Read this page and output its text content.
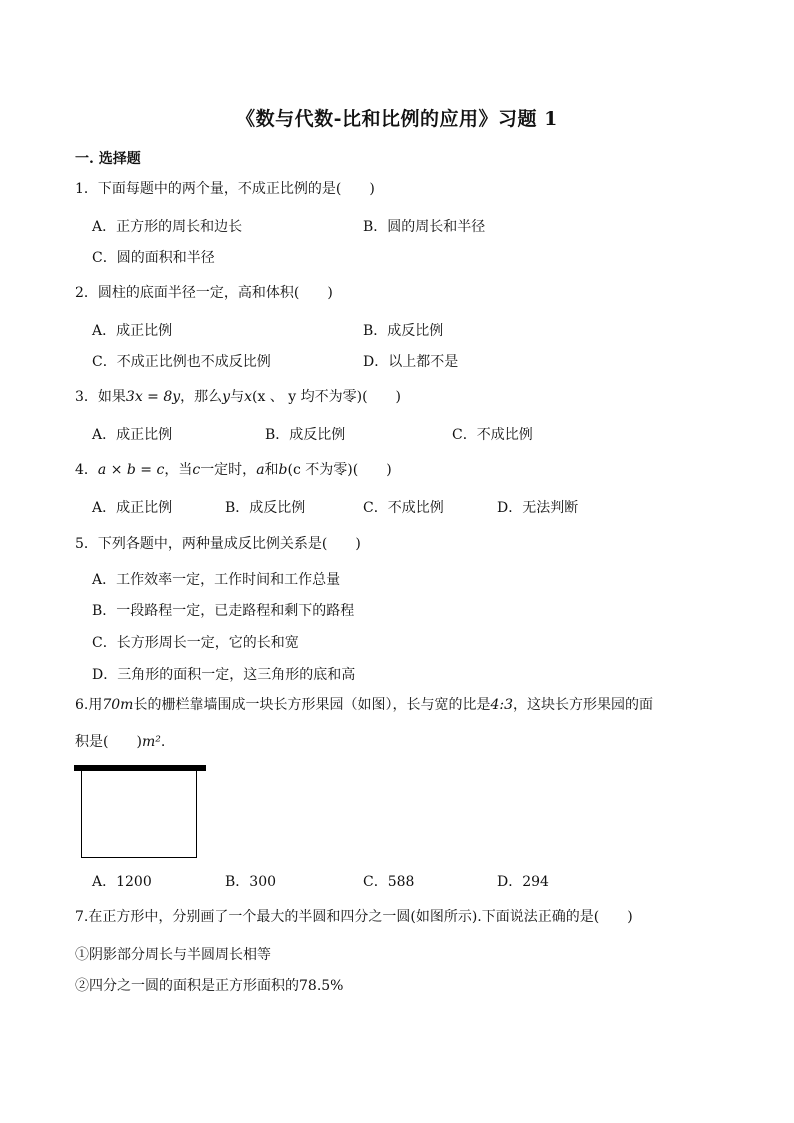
《数与代数-比和比例的应用》习题 1
一. 选择题
1．下面每题中的两个量，不成正比例的是(　　)
A．正方形的周长和边长	B．圆的周长和半径
C．圆的面积和半径
2．圆柱的底面半径一定，高和体积(　　)
A．成正比例	B．成反比例
C．不成正比例也不成反比例	D．以上都不是
3．如果3x = 8y，那么y与x(x 、 y 均不为零)(　　)
A．成正比例	B．成反比例	C．不成比例
4．a × b = c，当c一定时，a和b(c 不为零)(　　)
A．成正比例	B．成反比例	C．不成比例	D．无法判断
5．下列各题中，两种量成反比例关系是(　　)
A．工作效率一定，工作时间和工作总量
B．一段路程一定，已走路程和剩下的路程
C．长方形周长一定，它的长和宽
D．三角形的面积一定，这三角形的底和高
6.用70m长的栅栏靠墙围成一块长方形果园（如图），长与宽的比是4:3，这块长方形果园的面
积是(　　)m².
A．1200	B．300	C．588	D．294
7.在正方形中，分别画了一个最大的半圆和四分之一圆(如图所示).下面说法正确的是(　　)
①阴影部分周长与半圆周长相等
②四分之一圆的面积是正方形面积的78.5%
